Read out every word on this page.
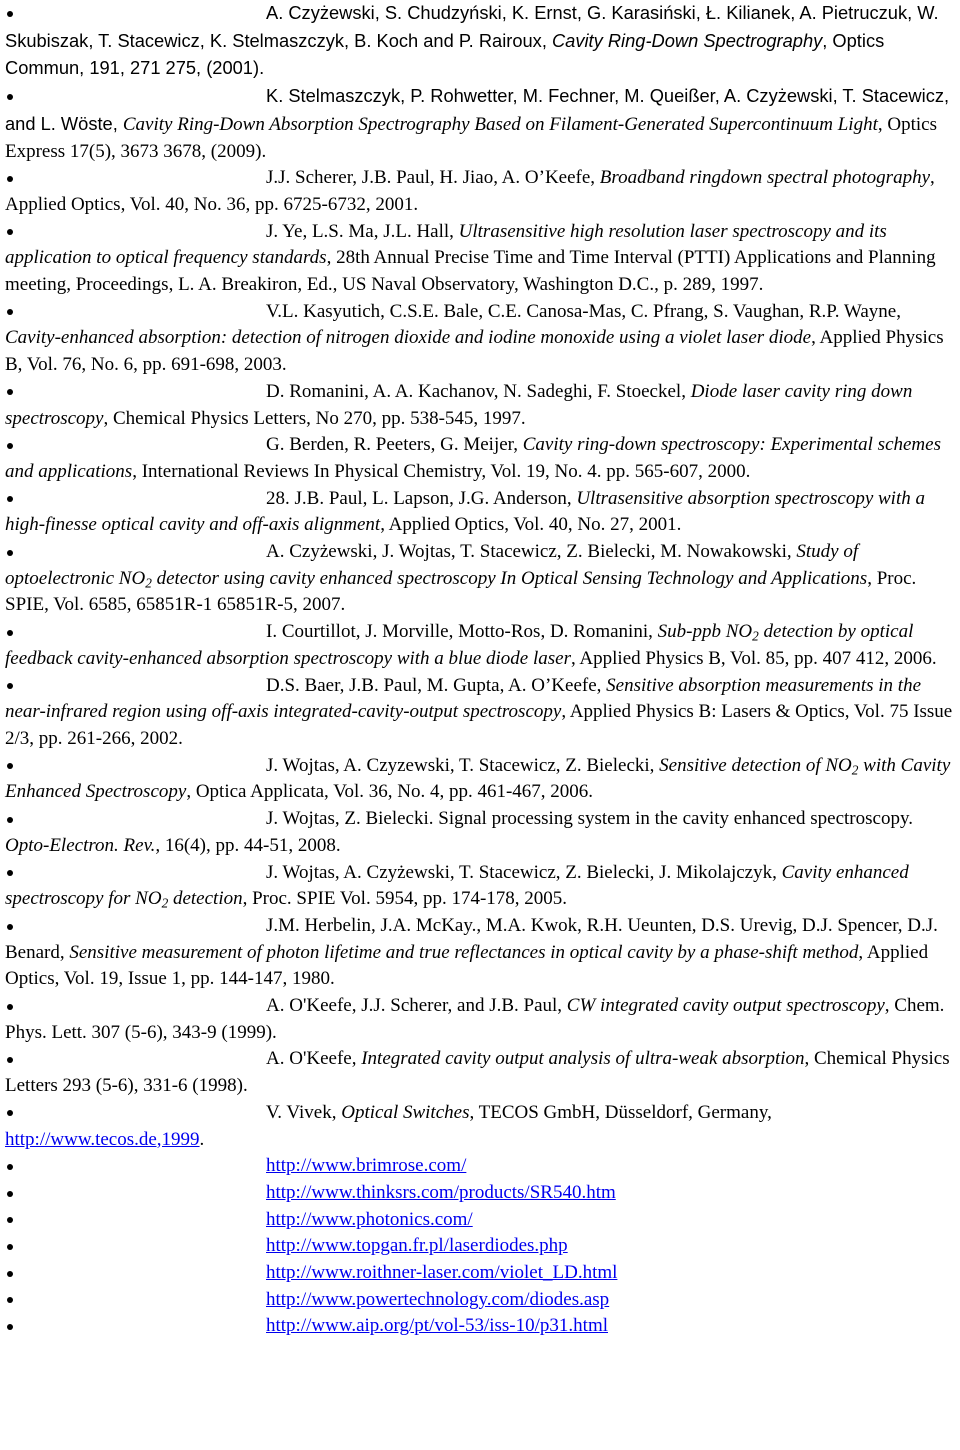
A. Czyżewski, S. Chudzyński, K. Ernst, G. Karasiński, Ł. Kilianek, A. Pietruczuk, W. Skubiszak, T. Stacewicz, K. Stelmaszczyk, B. Koch and P. Rairoux, Cavity Ring-Down Spectrography, Optics Commun, 191, 271 275, (2001).
K. Stelmaszczyk, P. Rohwetter, M. Fechner, M. Queißer, A. Czyżewski, T. Stacewicz, and L. Wöste, Cavity Ring-Down Absorption Spectrography Based on Filament-Generated Supercontinuum Light, Optics Express 17(5), 3673 3678, (2009).
J.J. Scherer, J.B. Paul, H. Jiao, A. O’Keefe, Broadband ringdown spectral photography, Applied Optics, Vol. 40, No. 36, pp. 6725-6732, 2001.
J. Ye, L.S. Ma, J.L. Hall, Ultrasensitive high resolution laser spectroscopy and its application to optical frequency standards, 28th Annual Precise Time and Time Interval (PTTI) Applications and Planning meeting, Proceedings, L. A. Breakiron, Ed., US Naval Observatory, Washington D.C., p. 289, 1997.
V.L. Kasyutich, C.S.E. Bale, C.E. Canosa-Mas, C. Pfrang, S. Vaughan, R.P. Wayne, Cavity-enhanced absorption: detection of nitrogen dioxide and iodine monoxide using a violet laser diode, Applied Physics B, Vol. 76, No. 6, pp. 691-698, 2003.
D. Romanini, A. A. Kachanov, N. Sadeghi, F. Stoeckel, Diode laser cavity ring down spectroscopy, Chemical Physics Letters, No 270, pp. 538-545, 1997.
G. Berden, R. Peeters, G. Meijer, Cavity ring-down spectroscopy: Experimental schemes and applications, International Reviews In Physical Chemistry, Vol. 19, No. 4. pp. 565-607, 2000.
28. J.B. Paul, L. Lapson, J.G. Anderson, Ultrasensitive absorption spectroscopy with a high-finesse optical cavity and off-axis alignment, Applied Optics, Vol. 40, No. 27, 2001.
A. Czyżewski, J. Wojtas, T. Stacewicz, Z. Bielecki, M. Nowakowski, Study of optoelectronic $NO_2$ detector using cavity enhanced spectroscopy In Optical Sensing Technology and Applications, Proc. SPIE, Vol. 6585, 65851R-1 65851R-5, 2007.
I. Courtillot, J. Morville, Motto-Ros, D. Romanini, Sub-ppb $NO_2$ detection by optical feedback cavity-enhanced absorption spectroscopy with a blue diode laser, Applied Physics B, Vol. 85, pp. 407 412, 2006.
D.S. Baer, J.B. Paul, M. Gupta, A. O’Keefe, Sensitive absorption measurements in the near-infrared region using off-axis integrated-cavity-output spectroscopy, Applied Physics B: Lasers & Optics, Vol. 75 Issue 2/3, pp. 261-266, 2002.
J. Wojtas, A. Czyzewski, T. Stacewicz, Z. Bielecki, Sensitive detection of $NO_2$ with Cavity Enhanced Spectroscopy, Optica Applicata, Vol. 36, No. 4, pp. 461-467, 2006.
J. Wojtas, Z. Bielecki. Signal processing system in the cavity enhanced spectroscopy. Opto-Electron. Rev., 16(4), pp. 44-51, 2008.
J. Wojtas, A. Czyżewski, T. Stacewicz, Z. Bielecki, J. Mikolajczyk, Cavity enhanced spectroscopy for $NO_2$ detection, Proc. SPIE Vol. 5954, pp. 174-178, 2005.
J.M. Herbelin, J.A. McKay., M.A. Kwok, R.H. Ueunten, D.S. Urevig, D.J. Spencer, D.J. Benard, Sensitive measurement of photon lifetime and true reflectances in optical cavity by a phase-shift method, Applied Optics, Vol. 19, Issue 1, pp. 144-147, 1980.
A. O'Keefe, J.J. Scherer, and J.B. Paul, CW integrated cavity output spectroscopy, Chem. Phys. Lett. 307 (5-6), 343-9 (1999).
A. O'Keefe, Integrated cavity output analysis of ultra-weak absorption, Chemical Physics Letters 293 (5-6), 331-6 (1998).
V. Vivek, Optical Switches, TECOS GmbH, Düsseldorf, Germany, http://www.tecos.de,1999.
http://www.brimrose.com/
http://www.thinksrs.com/products/SR540.htm
http://www.photonics.com/
http://www.topgan.fr.pl/laserdiodes.php
http://www.roithner-laser.com/violet_LD.html
http://www.powertechnology.com/diodes.asp
http://www.aip.org/pt/vol-53/iss-10/p31.html
